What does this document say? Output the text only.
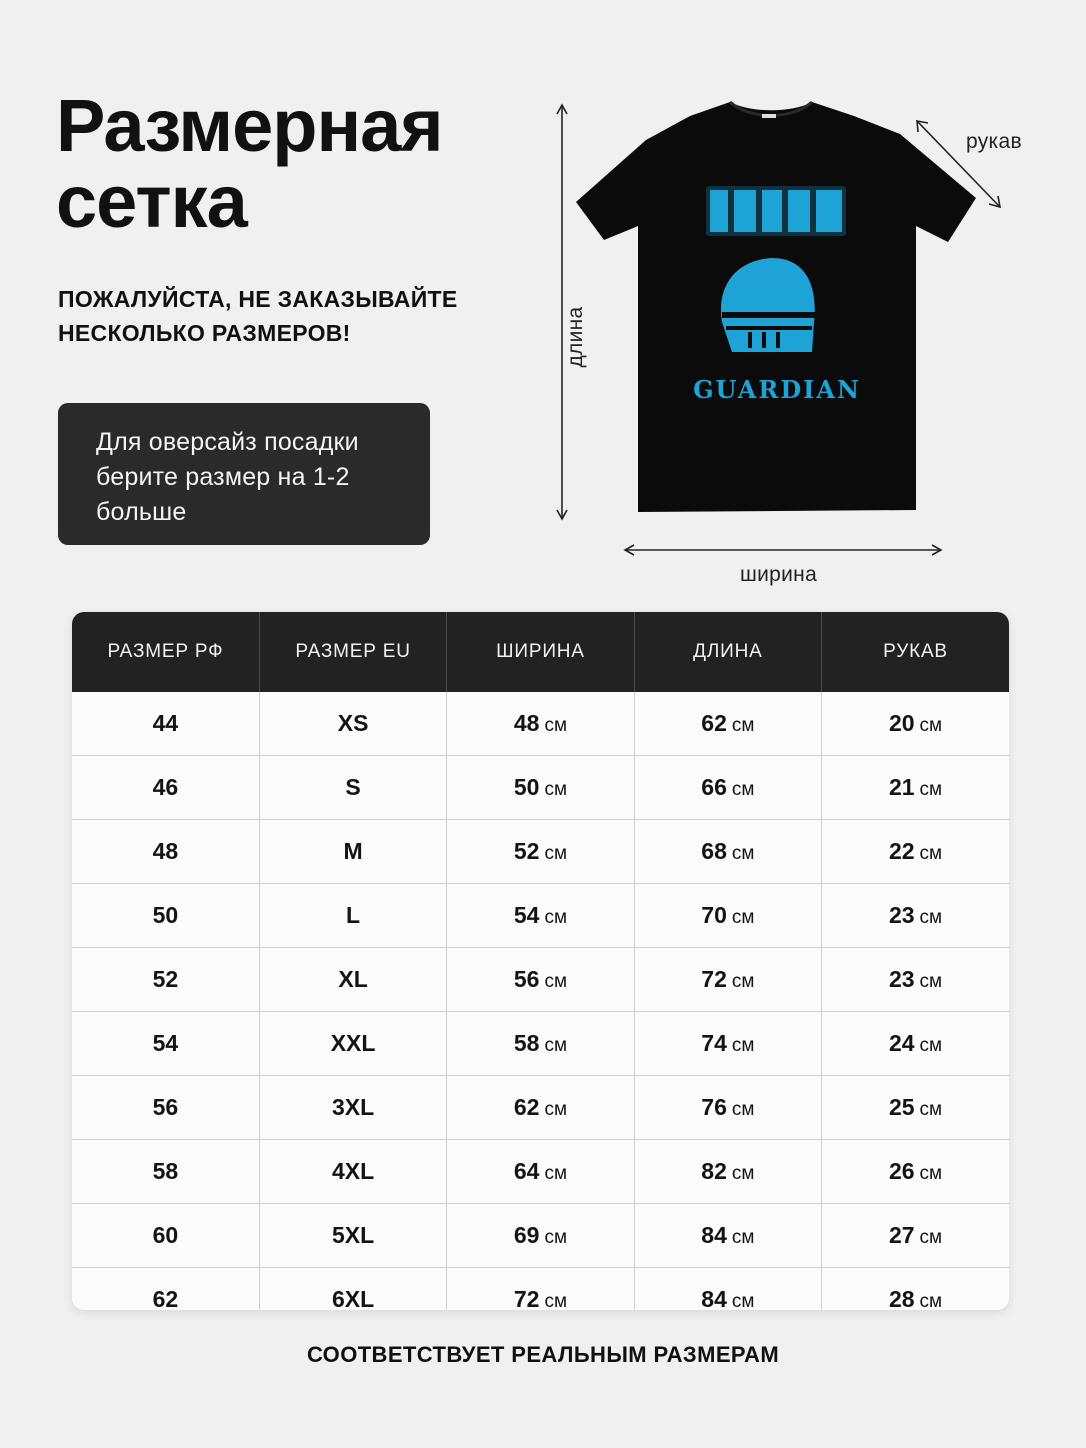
Размерная
сетка
ПОЖАЛУЙСТА, НЕ ЗАКАЗЫВАЙТЕ
НЕСКОЛЬКО РАЗМЕРОВ!
Для оверсайз посадки
берите размер на 1-2
больше
GUARDIAN
рукав
ширина
длина
РАЗМЕР РФ	РАЗМЕР EU	ШИРИНА	ДЛИНА	РУКАВ
44	XS	48 см	62 см	20 см
46	S	50 см	66 см	21 см
48	M	52 см	68 см	22 см
50	L	54 см	70 см	23 см
52	XL	56 см	72 см	23 см
54	XXL	58 см	74 см	24 см
56	3XL	62 см	76 см	25 см
58	4XL	64 см	82 см	26 см
60	5XL	69 см	84 см	27 см
62	6XL	72 см	84 см	28 см
СООТВЕТСТВУЕТ РЕАЛЬНЫМ РАЗМЕРАМ
